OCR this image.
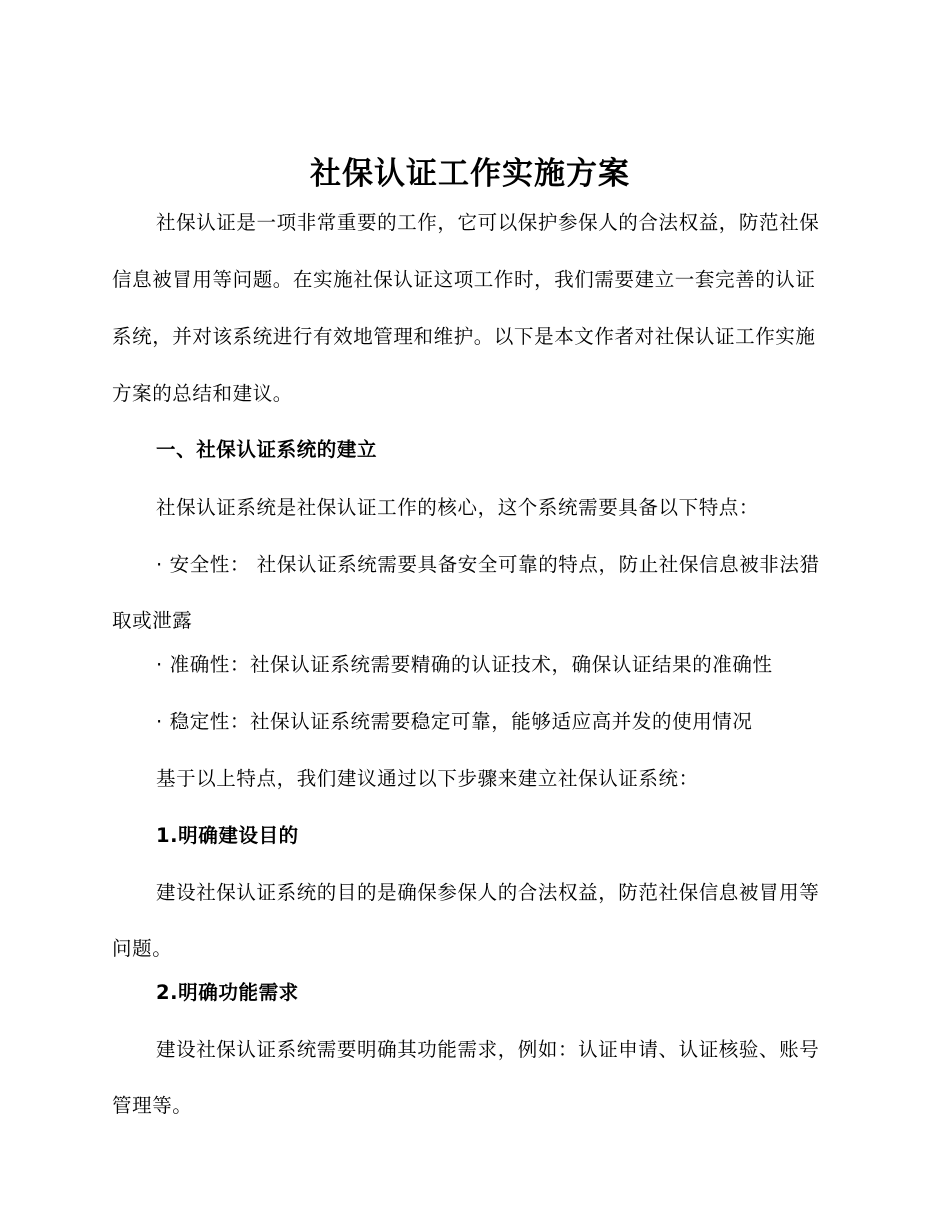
社保认证工作实施方案

社保认证是一项非常重要的工作，它可以保护参保人的合法权益，防范社保信息被冒用等问题。在实施社保认证这项工作时，我们需要建立一套完善的认证系统，并对该系统进行有效地管理和维护。以下是本文作者对社保认证工作实施方案的总结和建议。

一、社保认证系统的建立

社保认证系统是社保认证工作的核心，这个系统需要具备以下特点：

· 安全性： 社保认证系统需要具备安全可靠的特点，防止社保信息被非法猎取或泄露

· 准确性：社保认证系统需要精确的认证技术，确保认证结果的准确性

· 稳定性：社保认证系统需要稳定可靠，能够适应高并发的使用情况

基于以上特点，我们建议通过以下步骤来建立社保认证系统：

1.明确建设目的

建设社保认证系统的目的是确保参保人的合法权益，防范社保信息被冒用等问题。

2.明确功能需求

建设社保认证系统需要明确其功能需求，例如：认证申请、认证核验、账号管理等。
